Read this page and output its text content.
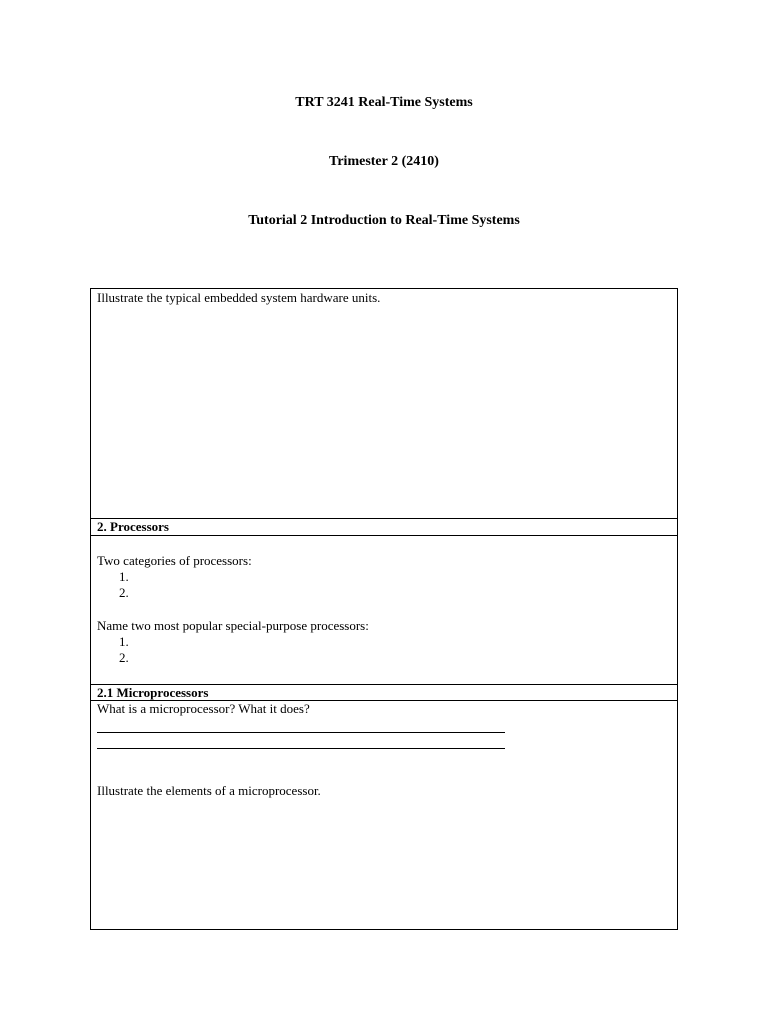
TRT 3241 Real-Time Systems
Trimester 2 (2410)
Tutorial 2 Introduction to Real-Time Systems
Illustrate the typical embedded system hardware units.
2. Processors
Two categories of processors:
1.
2.
Name two most popular special-purpose processors:
1.
2.
2.1 Microprocessors
What is a microprocessor? What it does?
Illustrate the elements of a microprocessor.
